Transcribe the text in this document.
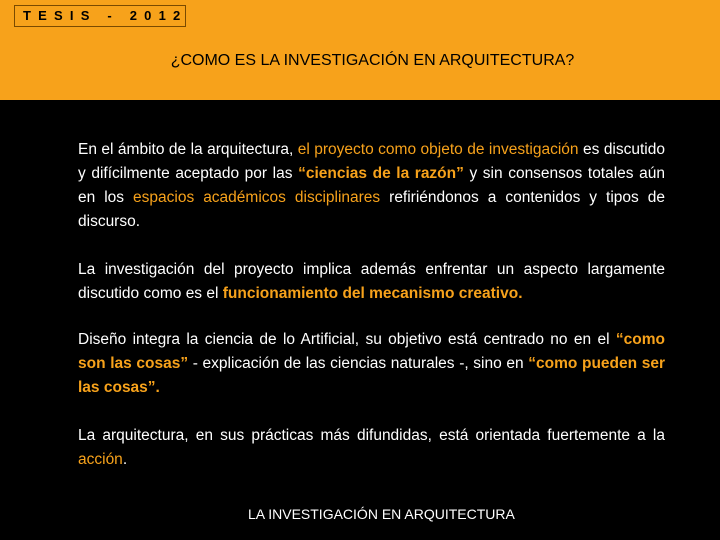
TESIS - 2012
¿COMO ES LA INVESTIGACIÓN EN ARQUITECTURA?

En el ámbito de la arquitectura, el proyecto como objeto de investigación es discutido y difícilmente aceptado por las “ciencias de la razón” y sin consensos totales aún en los espacios académicos disciplinares refiriéndonos a contenidos y tipos de discurso.

La investigación del proyecto implica además enfrentar un aspecto largamente discutido como es el funcionamiento del mecanismo creativo.

Diseño integra la ciencia de lo Artificial, su objetivo está centrado no en el “como son las cosas” - explicación de las ciencias naturales -, sino en “como pueden ser las cosas”.

La arquitectura, en sus prácticas más difundidas, está orientada fuertemente a la acción.

LA INVESTIGACIÓN EN ARQUITECTURA
